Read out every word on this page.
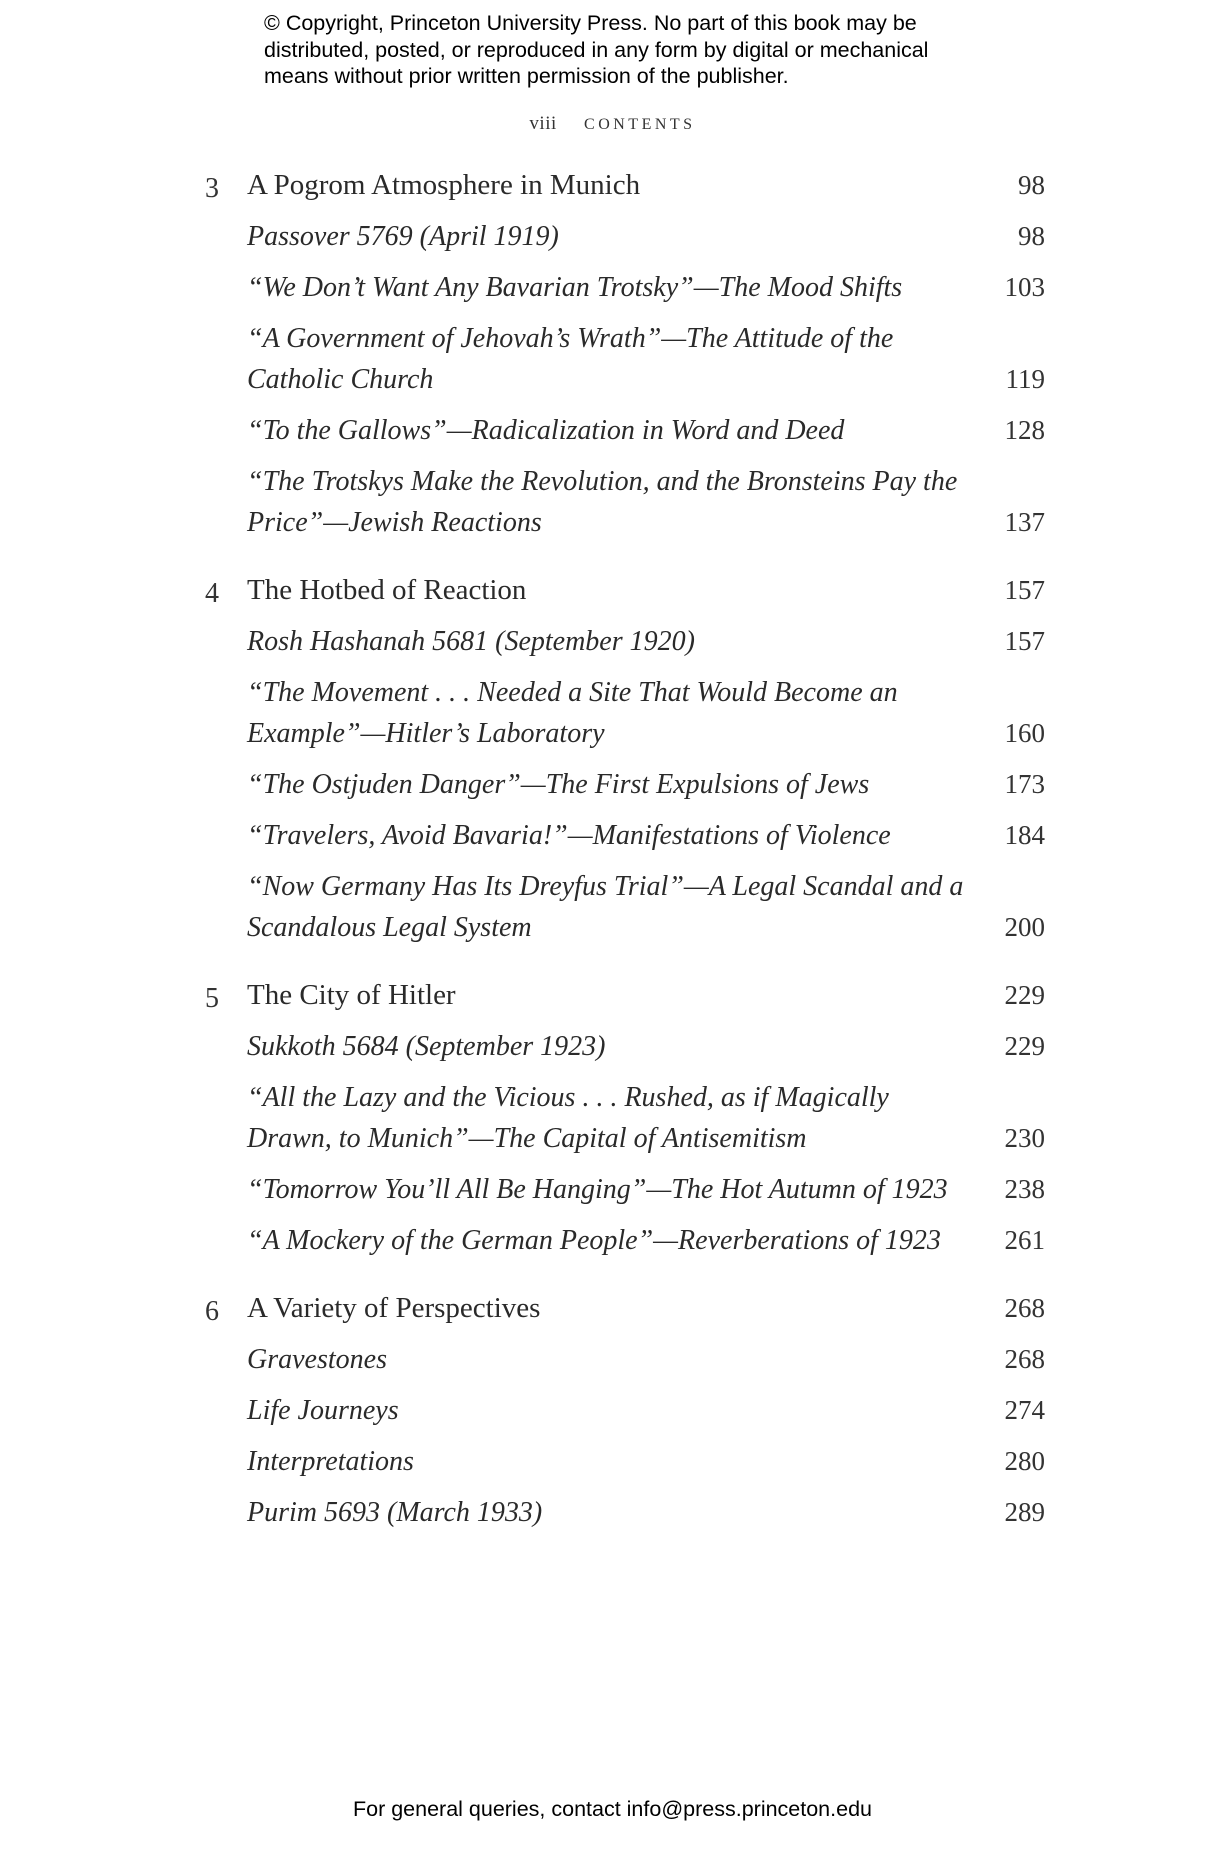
© Copyright, Princeton University Press. No part of this book may be distributed, posted, or reproduced in any form by digital or mechanical means without prior written permission of the publisher.
viii CONTENTS
3 A Pogrom Atmosphere in Munich	98
Passover 5769 (April 1919)	98
“We Don’t Want Any Bavarian Trotsky”—The Mood Shifts	103
“A Government of Jehovah’s Wrath”—The Attitude of the Catholic Church	119
“To the Gallows”—Radicalization in Word and Deed	128
“The Trotskys Make the Revolution, and the Bronsteins Pay the Price”—Jewish Reactions	137
4 The Hotbed of Reaction	157
Rosh Hashanah 5681 (September 1920)	157
“The Movement . . . Needed a Site That Would Become an Example”—Hitler’s Laboratory	160
“The Ostjuden Danger”—The First Expulsions of Jews	173
“Travelers, Avoid Bavaria!”—Manifestations of Violence	184
“Now Germany Has Its Dreyfus Trial”—A Legal Scandal and a Scandalous Legal System	200
5 The City of Hitler	229
Sukkoth 5684 (September 1923)	229
“All the Lazy and the Vicious . . . Rushed, as if Magically Drawn, to Munich”—The Capital of Antisemitism	230
“Tomorrow You’ll All Be Hanging”—The Hot Autumn of 1923	238
“A Mockery of the German People”—Reverberations of 1923	261
6 A Variety of Perspectives	268
Gravestones	268
Life Journeys	274
Interpretations	280
Purim 5693 (March 1933)	289
For general queries, contact info@press.princeton.edu
